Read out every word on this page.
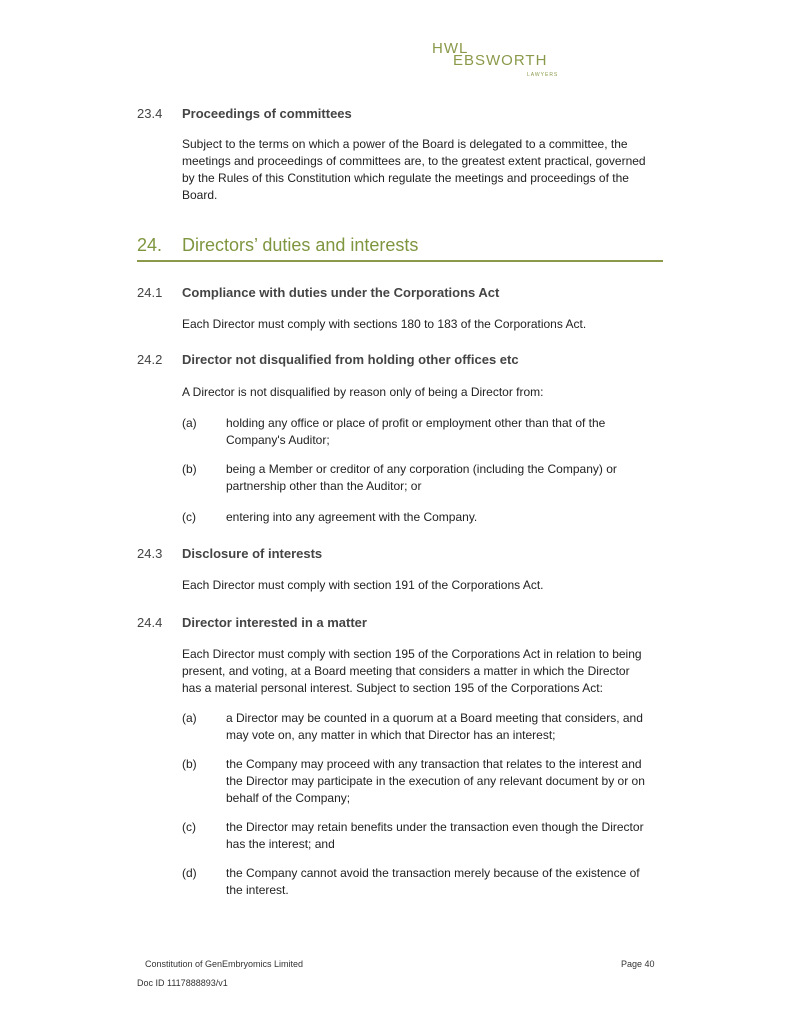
HWL
EBSWORTH
LAWYERS
23.4 Proceedings of committees
Subject to the terms on which a power of the Board is delegated to a committee, the
meetings and proceedings of committees are, to the greatest extent practical, governed
by the Rules of this Constitution which regulate the meetings and proceedings of the
Board.
24. Directors’ duties and interests
24.1 Compliance with duties under the Corporations Act
Each Director must comply with sections 180 to 183 of the Corporations Act.
24.2 Director not disqualified from holding other offices etc
A Director is not disqualified by reason only of being a Director from:
(a) holding any office or place of profit or employment other than that of the
Company's Auditor;
(b) being a Member or creditor of any corporation (including the Company) or
partnership other than the Auditor; or
(c)	entering into any agreement with the Company.
24.3 Disclosure of interests
Each Director must comply with section 191 of the Corporations Act.
24.4 Director interested in a matter
Each Director must comply with section 195 of the Corporations Act in relation to being
present, and voting, at a Board meeting that considers a matter in which the Director
has a material personal interest. Subject to section 195 of the Corporations Act:
(a) a Director may be counted in a quorum at a Board meeting that considers, and
may vote on, any matter in which that Director has an interest;
(b) the Company may proceed with any transaction that relates to the interest and
the Director may participate in the execution of any relevant document by or on
behalf of the Company;
(c)	the Director may retain benefits under the transaction even though the Director
has the interest; and
(d) the Company cannot avoid the transaction merely because of the existence of
the interest.
Constitution of GenEmbryomics Limited	Page 40
Doc ID 1117888893/v1
